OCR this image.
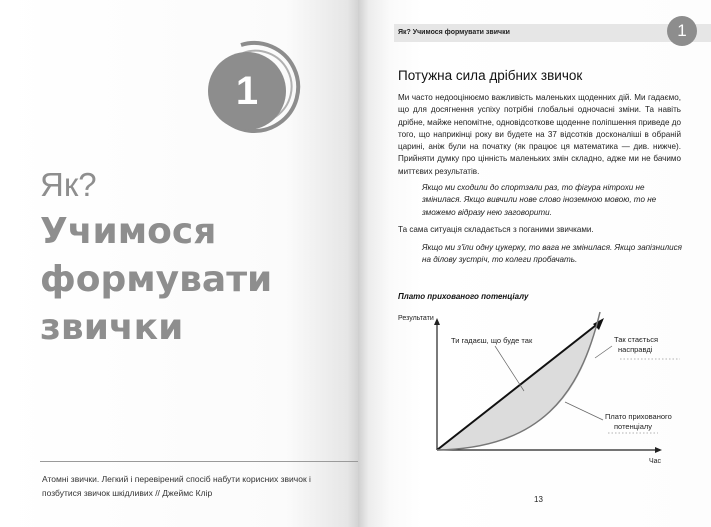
1
Як?
Учимося формувати звички
Атомні звички. Легкий і перевірений спосіб набути корисних звичок і позбутися звичок шкідливих // Джеймс Клір
Як? Учимося формувати звички	1
Потужна сила дрібних звичок
Ми часто недооцінюємо важливість маленьких щоденних дій. Ми гадаємо, що для досягнення успіху потрібні глобальні одночасні зміни. Та навіть дрібне, майже непомітне, одновідсоткове щоденне поліпшення приведе до того, що наприкінці року ви будете на 37 відсотків досконаліші в обраній царині, аніж були на початку (як працює ця математика — див. нижче). Прийняти думку про цінність маленьких змін складно, адже ми не бачимо миттєвих результатів.
Якщо ми сходили до спортзали раз, то фігура нітрохи не змінилася. Якщо вивчили нове слово іноземною мовою, то не зможемо відразу нею заговорити.
Та сама ситуація складається з поганими звичками.
Якщо ми з'їли одну цукерку, то вага не змінилася. Якщо запізнилися на ділову зустріч, то колеги пробачать.
Плато прихованого потенціалу
Результати
Час
Ти гадаєш, що буде так	Так стається
насправді
Плато прихованого
потенціалу
13
